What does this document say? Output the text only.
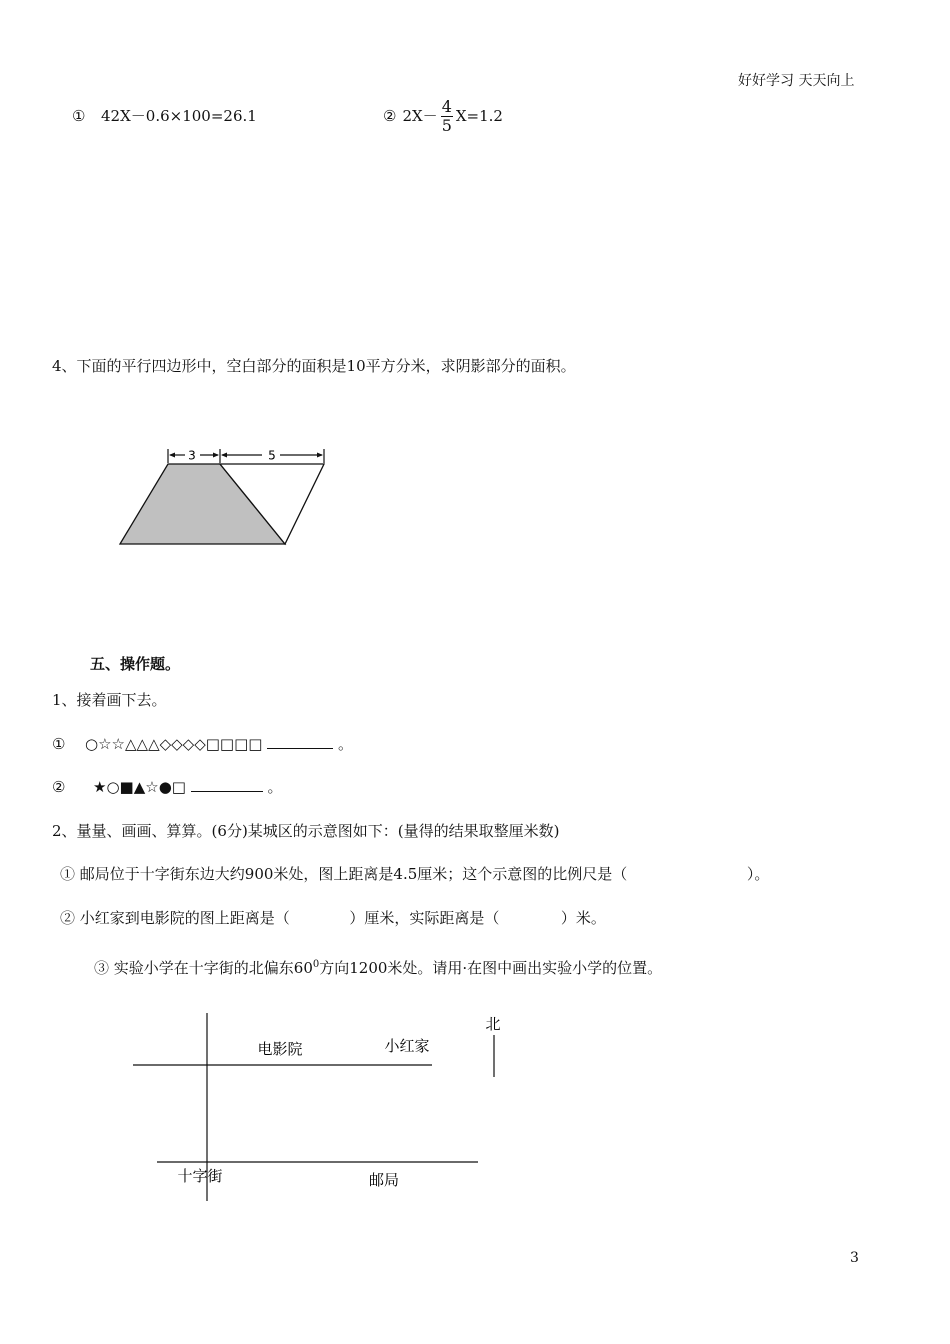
好好学习 天天向上
① 42X－0.6×100=26.1	② $2X- \frac{4}{5} X=1.2$
4、下面的平行四边形中，空白部分的面积是10平方分米，求阴影部分的面积。
3	5
五、操作题。
1、接着画下去。
① ○☆☆△△△◇◇◇◇□□□□	。
② ★○■▲☆●□	。
2、量量、画画、算算。(6分)某城区的示意图如下：(量得的结果取整厘米数)
① 邮局位于十字街东边大约900米处，图上距离是4.5厘米；这个示意图的比例尺是（	）。
② 小红家到电影院的图上距离是（	）厘米，实际距离是（	）米。
③ 实验小学在十字街的北偏东$60^0$方向1200米处。请用·在图中画出实验小学的位置。
北
电影院	小红家
十字街	邮局
3
